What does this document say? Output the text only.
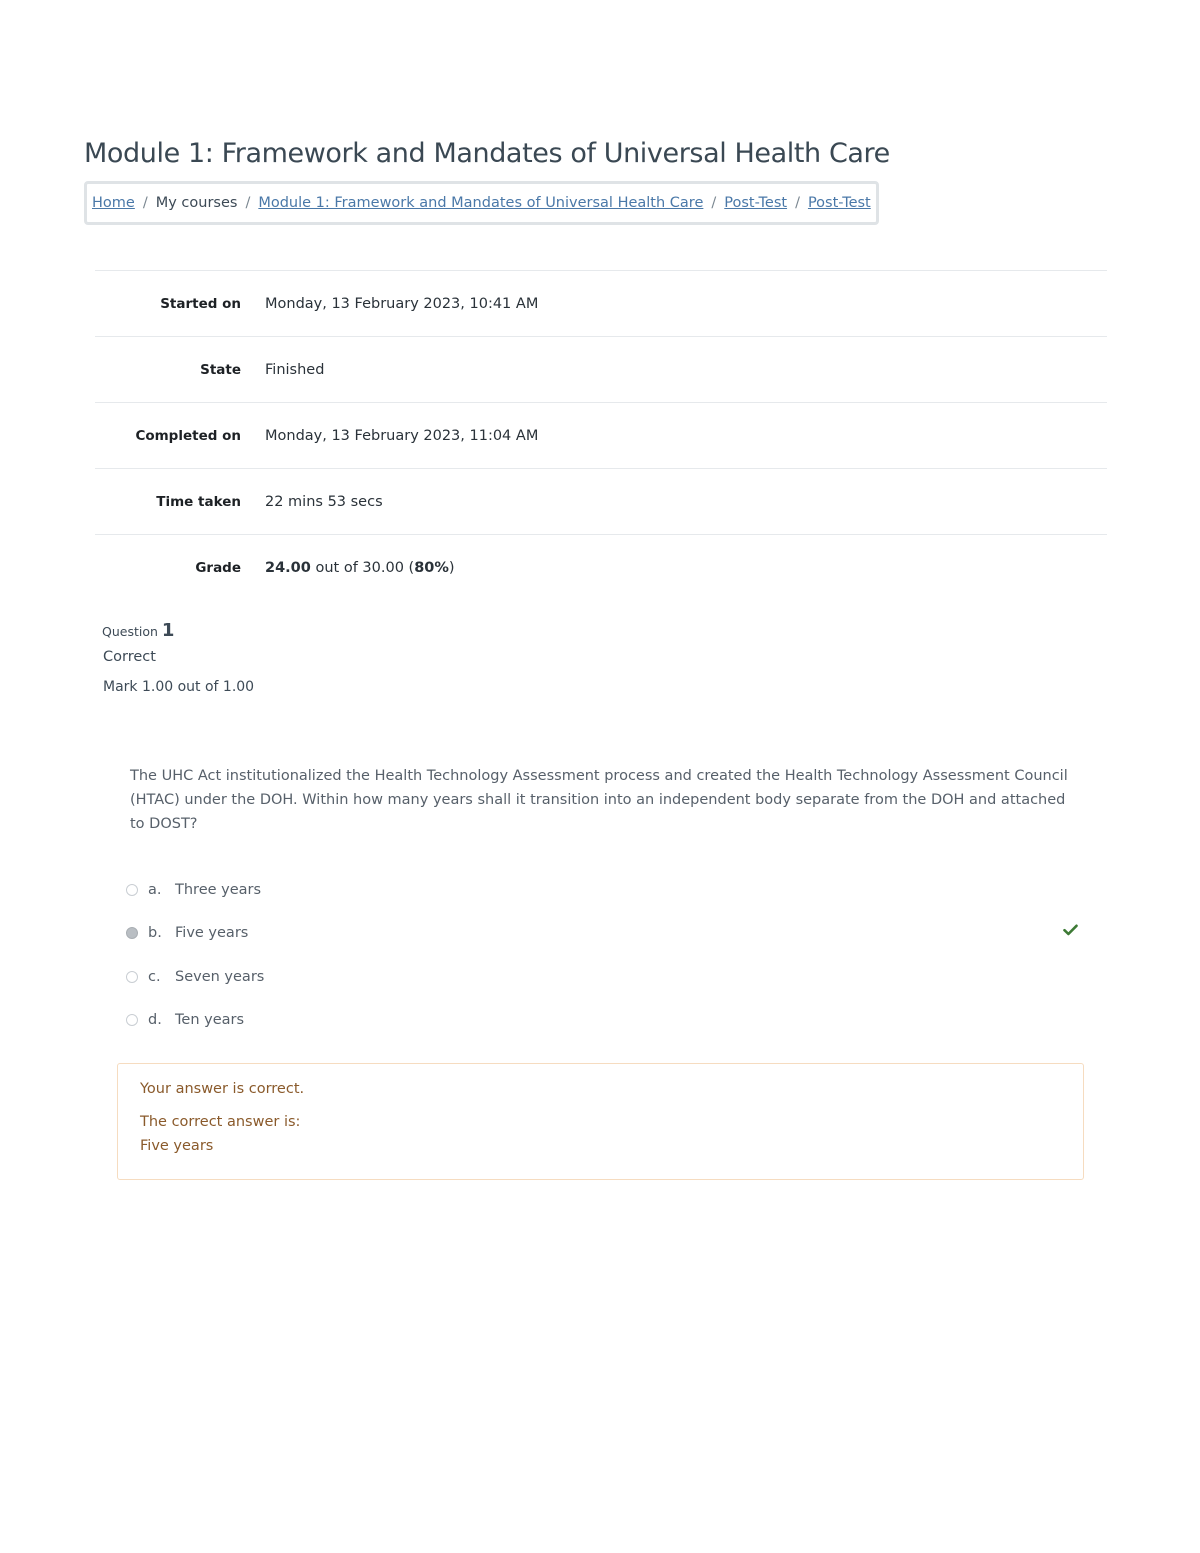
Module 1: Framework and Mandates of Universal Health Care
Home / My courses / Module 1: Framework and Mandates of Universal Health Care / Post-Test / Post-Test
Started on	Monday, 13 February 2023, 10:41 AM
State	Finished
Completed on	Monday, 13 February 2023, 11:04 AM
Time taken	22 mins 53 secs
Grade	24.00 out of 30.00 (80%)
Question 1
Correct
Mark 1.00 out of 1.00
The UHC Act institutionalized the Health Technology Assessment process and created the Health Technology Assessment Council (HTAC) under the DOH. Within how many years shall it transition into an independent body separate from the DOH and attached to DOST?
a. Three years
b. Five years
c. Seven years
d. Ten years
Your answer is correct.
The correct answer is:
Five years
